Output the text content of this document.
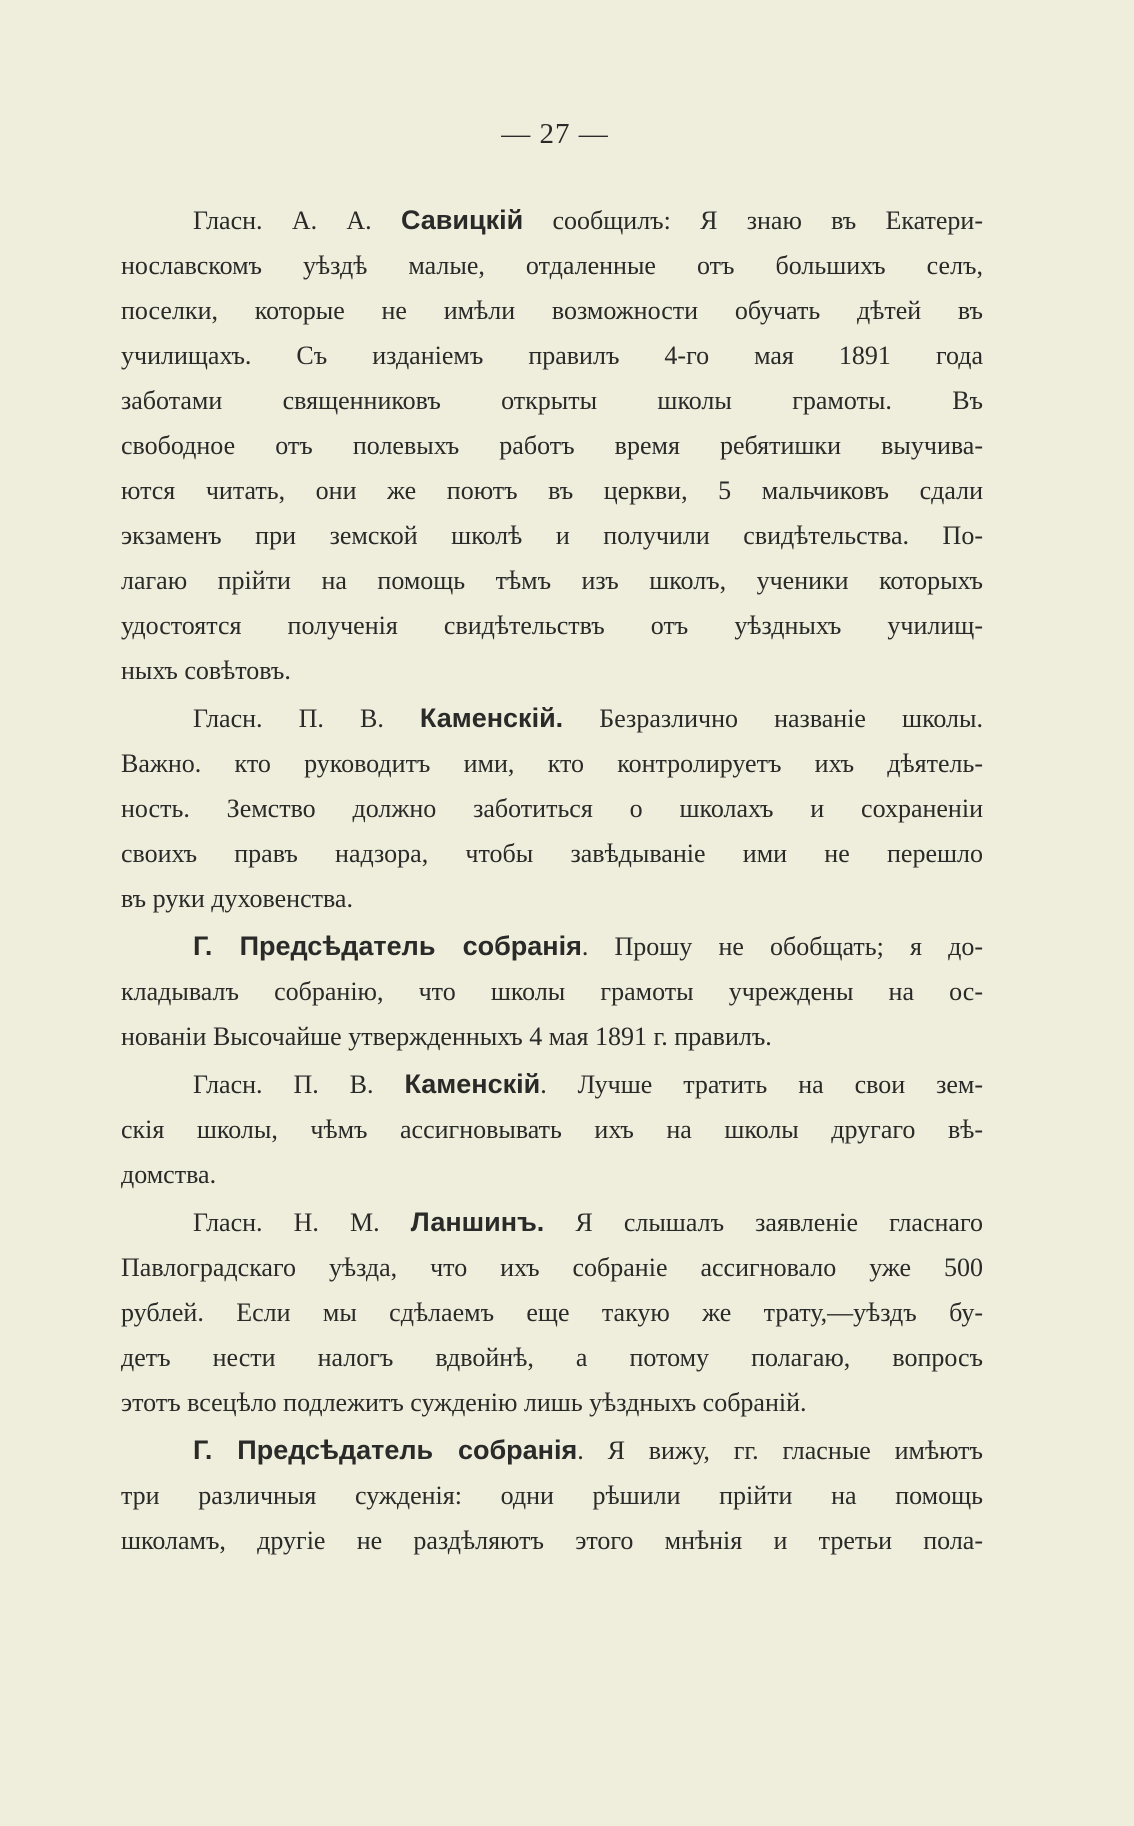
— 27 —

Гласн. А. А. Савицкій сообщилъ: Я знаю въ Екатери-
нославскомъ уѣздѣ малые, отдаленные отъ большихъ селъ,
поселки, которые не имѣли возможности обучать дѣтей въ
училищахъ. Съ изданіемъ правилъ 4-го мая 1891 года
заботами священниковъ открыты школы грамоты. Въ
свободное отъ полевыхъ работъ время ребятишки выучива-
ются читать, они же поютъ въ церкви, 5 мальчиковъ сдали
экзаменъ при земской школѣ и получили свидѣтельства. По-
лагаю прійти на помощь тѣмъ изъ школъ, ученики которыхъ
удостоятся полученія свидѣтельствъ отъ уѣздныхъ училищ-
ныхъ совѣтовъ.

Гласн. П. В. Каменскій. Безразлично названіе школы.
Важно. кто руководитъ ими, кто контролируетъ ихъ дѣятель-
ность. Земство должно заботиться о школахъ и сохраненіи
своихъ правъ надзора, чтобы завѣдываніе ими не перешло
въ руки духовенства.

Г. Предсѣдатель собранія. Прошу не обобщать; я до-
кладывалъ собранію, что школы грамоты учреждены на ос-
нованіи Высочайше утвержденныхъ 4 мая 1891 г. правилъ.

Гласн. П. В. Каменскій. Лучше тратить на свои зем-
скія школы, чѣмъ ассигновывать ихъ на школы другаго вѣ-
домства.

Гласн. Н. М. Ланшинъ. Я слышалъ заявленіе гласнаго
Павлоградскаго уѣзда, что ихъ собраніе ассигновало уже 500
рублей. Если мы сдѣлаемъ еще такую же трату,—уѣздъ бу-
детъ нести налогъ вдвойнѣ, а потому полагаю, вопросъ
этотъ всецѣло подлежитъ сужденію лишь уѣздныхъ собраній.

Г. Предсѣдатель собранія. Я вижу, гг. гласные имѣютъ
три различныя сужденія: одни рѣшили прійти на помощь
школамъ, другіе не раздѣляютъ этого мнѣнія и третьи пола-
